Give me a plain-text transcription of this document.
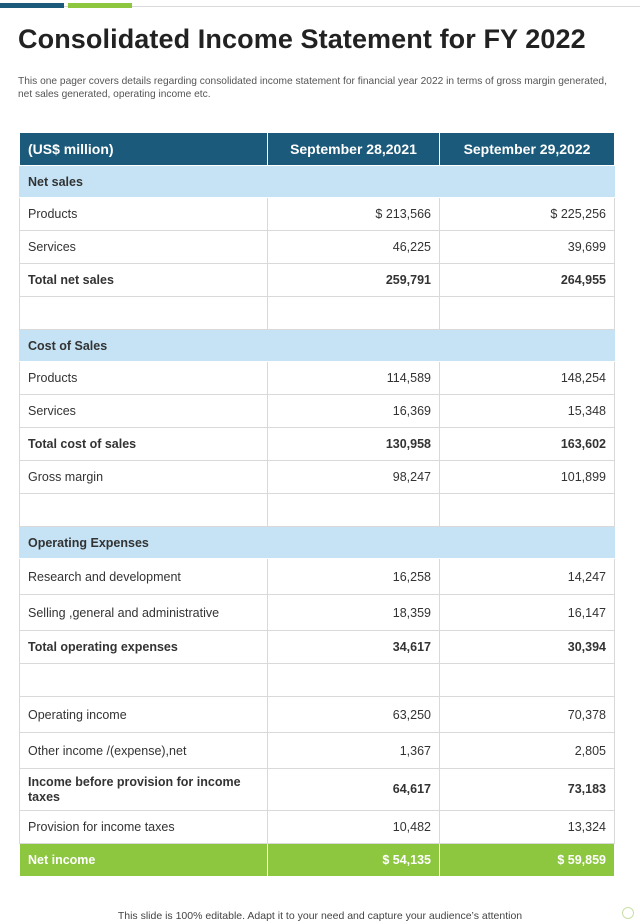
Consolidated Income Statement for FY 2022
This one pager covers details regarding consolidated income statement for financial year 2022 in terms of gross margin generated, net sales generated, operating income etc.
(US$ million)	September 28,2021	September 29,2022
Net sales		
Products	$ 213,566	$ 225,256
Services	46,225	39,699
Total net sales	259,791	264,955

Cost of Sales		
Products	114,589	148,254
Services	16,369	15,348
Total cost of sales	130,958	163,602
Gross margin	98,247	101,899

Operating Expenses		
Research and development	16,258	14,247
Selling ,general and administrative	18,359	16,147
Total operating expenses	34,617	30,394

Operating income	63,250	70,378
Other income /(expense),net	1,367	2,805
Income before provision for income taxes	64,617	73,183
Provision for income taxes	10,482	13,324
Net income	$ 54,135	$ 59,859
This slide is 100% editable. Adapt it to your need and capture your audience’s attention
